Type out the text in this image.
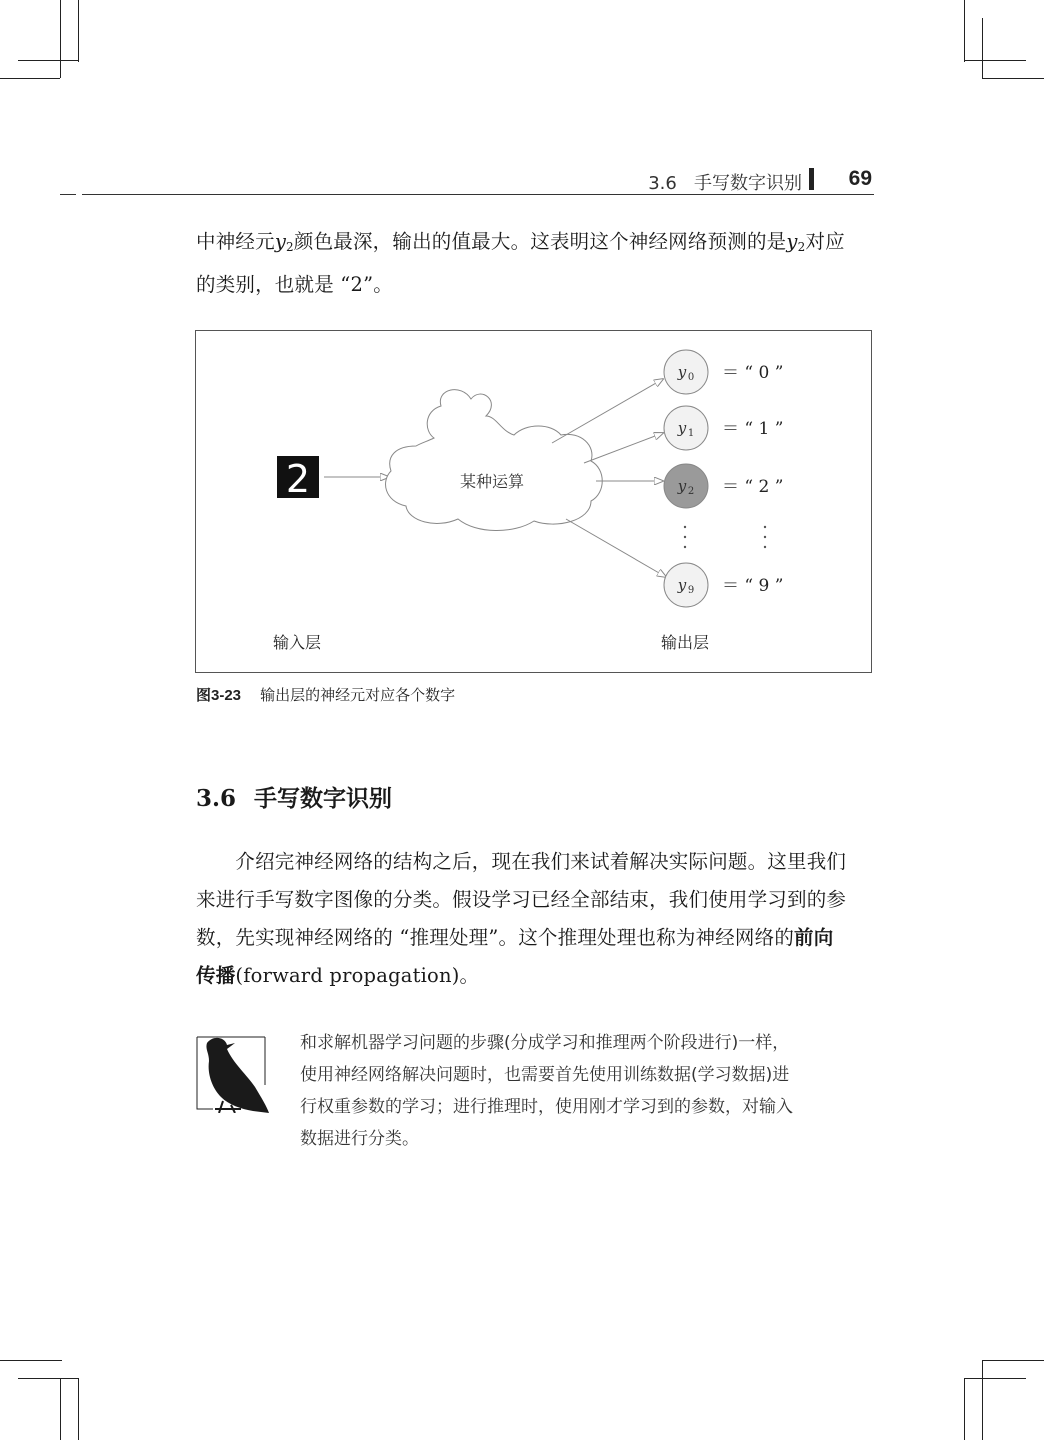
3.6 手写数字识别 69

中神经元$y_2$颜色最深，输出的值最大。这表明这个神经网络预测的是$y_2$对应
的类别，也就是 “2”。

2	某种运算
y 0 ＝ “ 0 ”
y 1 ＝ “ 1 ”
y 2 ＝ “ 2 ”
y 9 ＝ “ 9 ”
输入层	输出层
图3-23 输出层的神经元对应各个数字
3.6 手写数字识别

　　介绍完神经网络的结构之后，现在我们来试着解决实际问题。这里我们
来进行手写数字图像的分类。假设学习已经全部结束，我们使用学习到的参
数，先实现神经网络的 “推理处理”。这个推理处理也称为神经网络的前向
传播(forward propagation)。

和求解机器学习问题的步骤(分成学习和推理两个阶段进行)一样，
使用神经网络解决问题时，也需要首先使用训练数据(学习数据)进
行权重参数的学习；进行推理时，使用刚才学习到的参数，对输入
数据进行分类。
